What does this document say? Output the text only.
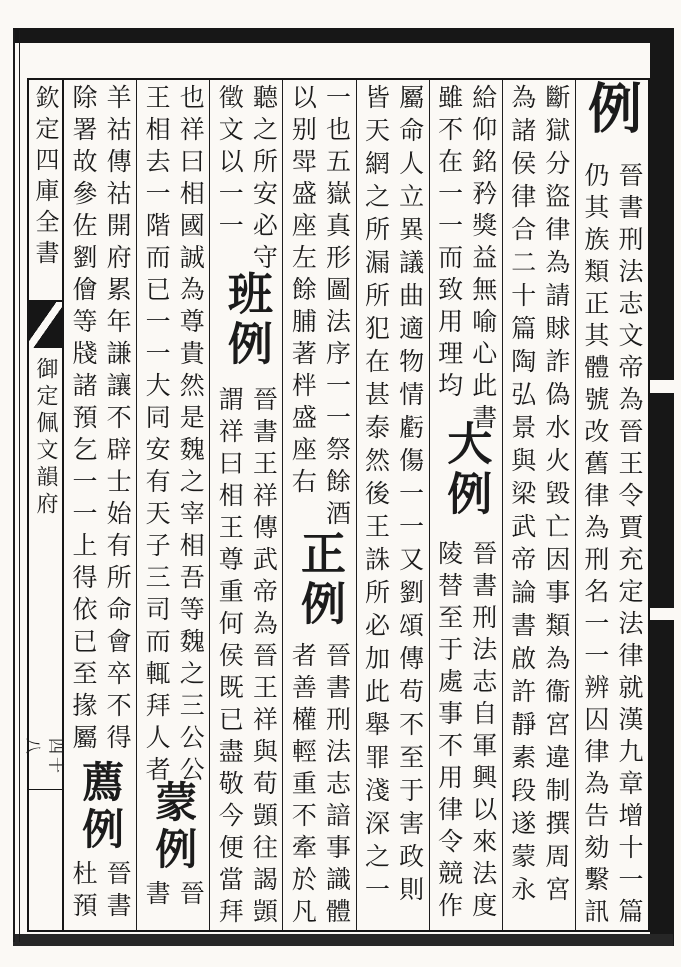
欽定四庫全書
御定佩文韻府
四十八
例
晉書刑法志文帝為晉王令賈充定法律就漢九章增十一篇
仍其族類正其體號改舊律為刑名一一辨囚律為告劾繫訊
斷獄分盜律為請賕詐偽水火毀亡因事類為衞宮違制撰周宮
為諸侯律合二十篇陶弘景與梁武帝論書啟許靜素段遂蒙永
給仰銘矜獎益無喻心此書
雖不在一一而致用理均
大例
晉書刑法志自軍興以來法度
陵替至于處事不用律令競作
屬命人立異議曲適物情虧傷一一又劉頌傳苟不至于害政則
皆天網之所漏所犯在甚泰然後王誅所必加此舉罪淺深之一
一也五嶽真形圖法序一一祭餘酒
以别斝盛座左餘脯著柈盛座右
正例
晉書刑法志諳事識體
者善權輕重不牽於凡
聽之所安必守
徵文以一一
班例
晉書王祥傳武帝為晉王祥與荀顗往謁顗
謂祥曰相王尊重何侯既已盡敬今便當拜
也祥曰相國誠為尊貴然是魏之宰相吾等魏之三公公
王相去一階而已一一大同安有天子三司而輒拜人者
蒙例
晉
書
羊祜傳祜開府累年謙讓不辟士始有所命會卒不得
除署故參佐劉儈等牋諸預乞一一上得依已至掾屬
薦例
晉書
杜預
